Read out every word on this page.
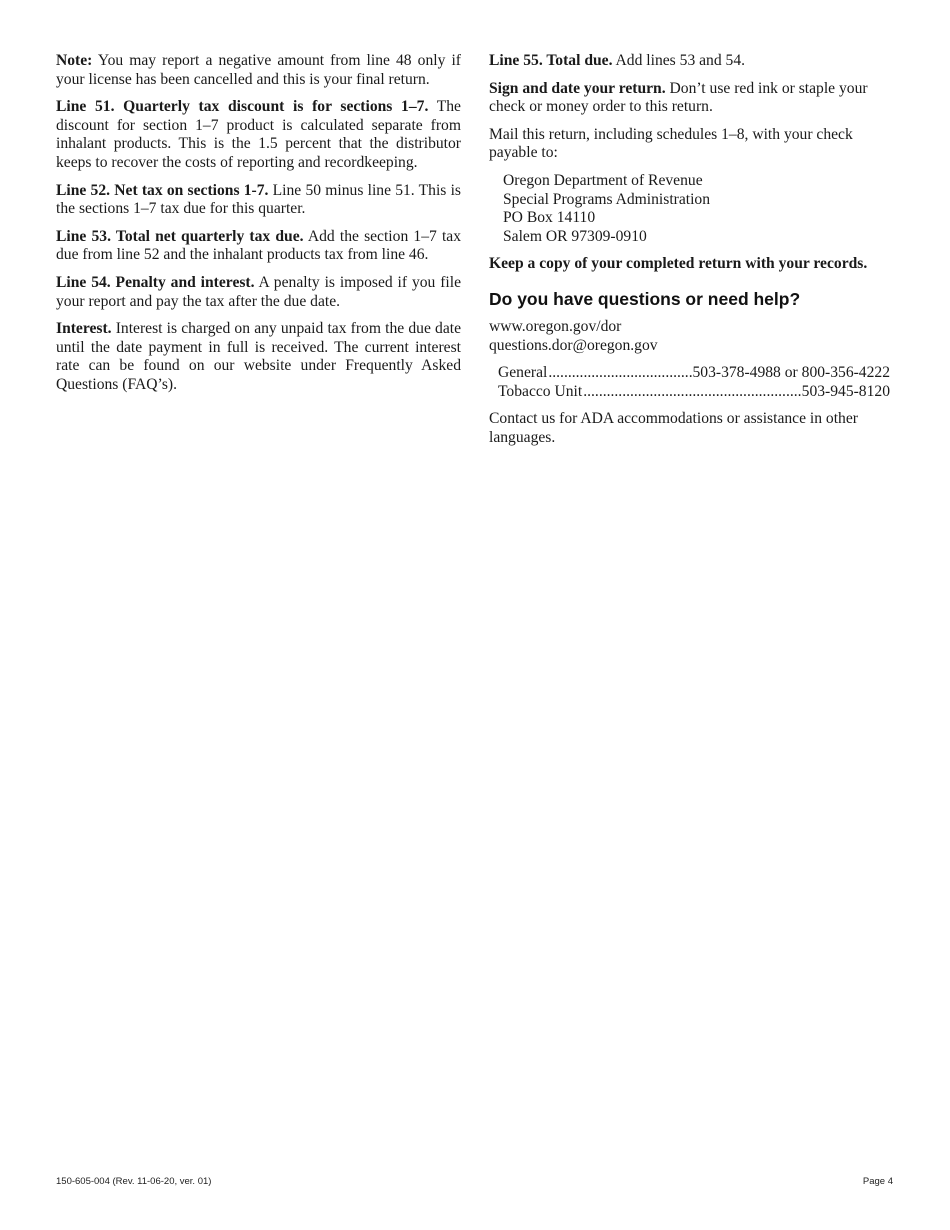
Note: You may report a negative amount from line 48 only if your license has been cancelled and this is your final return.

Line 51. Quarterly tax discount is for sections 1–7. The discount for section 1–7 product is calculated separate from inhalant products. This is the 1.5 percent that the distributor keeps to recover the costs of reporting and recordkeeping.

Line 52. Net tax on sections 1-7. Line 50 minus line 51. This is the sections 1–7 tax due for this quarter.

Line 53. Total net quarterly tax due. Add the section 1–7 tax due from line 52 and the inhalant products tax from line 46.

Line 54. Penalty and interest. A penalty is imposed if you file your report and pay the tax after the due date.

Interest. Interest is charged on any unpaid tax from the due date until the date payment in full is received. The current interest rate can be found on our website under Frequently Asked Questions (FAQ’s).

Line 55. Total due. Add lines 53 and 54.

Sign and date your return. Don’t use red ink or staple your check or money order to this return.

Mail this return, including schedules 1–8, with your check payable to:

Oregon Department of Revenue
Special Programs Administration
PO Box 14110
Salem OR 97309-0910

Keep a copy of your completed return with your records.

Do you have questions or need help?
www.oregon.gov/dor
questions.dor@oregon.gov
General .....	503-378-4988 or 800-356-4222
Tobacco Unit .....	503-945-8120

Contact us for ADA accommodations or assistance in other languages.

150-605-004 (Rev. 11-06-20, ver. 01)	Page 4
